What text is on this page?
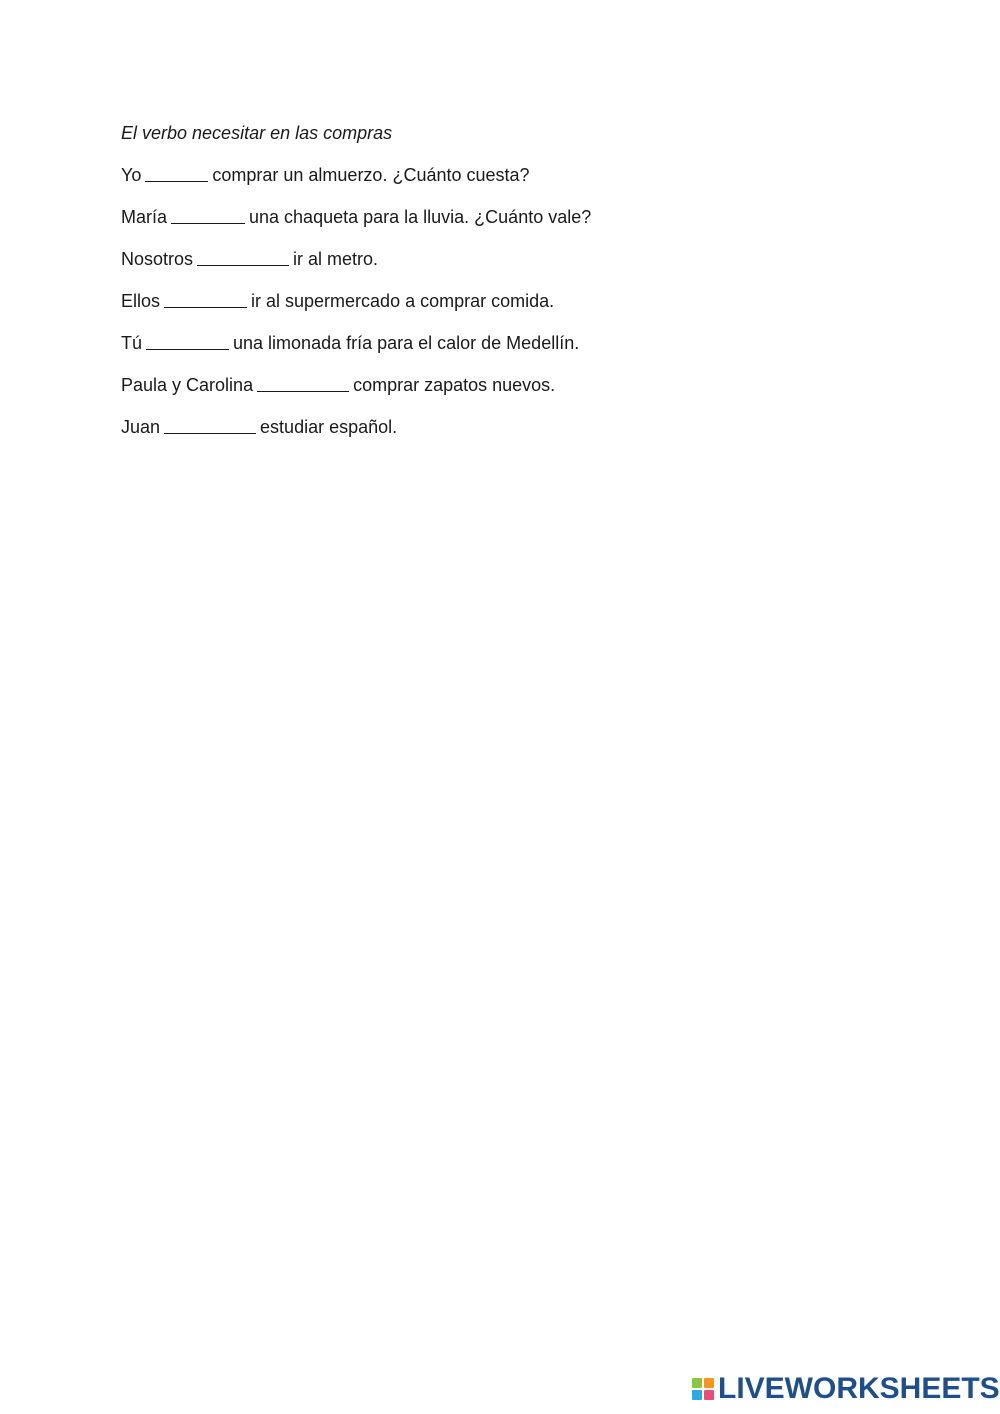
El verbo necesitar en las compras
Yo	comprar un almuerzo. ¿Cuánto cuesta?
María	una chaqueta para la lluvia. ¿Cuánto vale?
Nosotros	ir al metro.
Ellos	ir al supermercado a comprar comida.
Tú	una limonada fría para el calor de Medellín.
Paula y Carolina	comprar zapatos nuevos.
Juan	estudiar español.
LIVEWORKSHEETS
